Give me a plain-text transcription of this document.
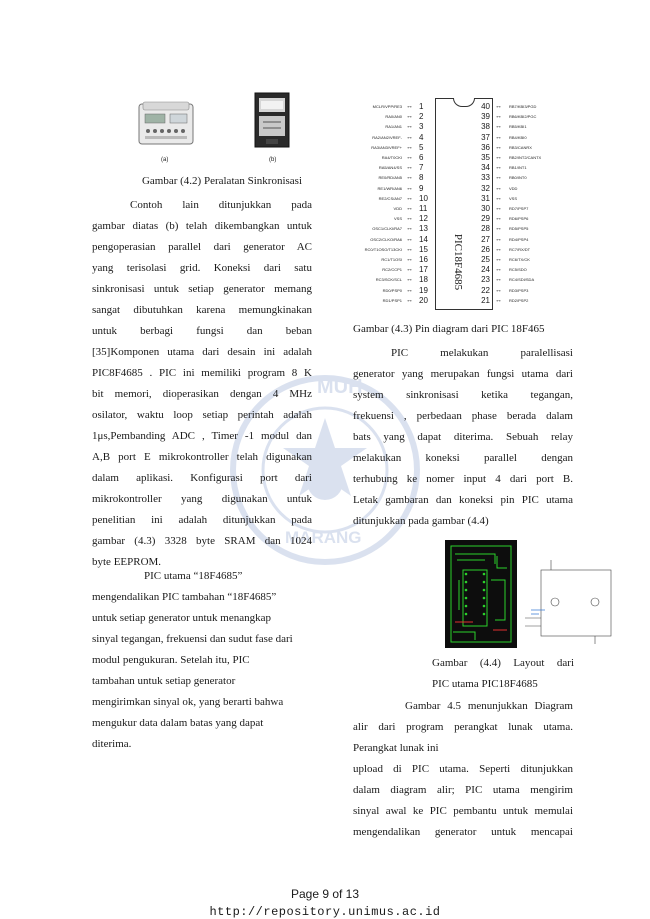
MUH
MARANG
(a)	(b)
Gambar (4.2) Peralatan Sinkronisasi
Contoh lain ditunjukkan pada
gambar diatas (b) telah dikembangkan untuk
pengoperasian parallel dari generator AC
yang terisolasi grid. Koneksi dari satu
sinkronisasi untuk setiap generator memang
sangat dibutuhkan karena memungkinakan
untuk berbagi fungsi dan beban
[35]Komponen utama dari desain ini adalah
PIC8F4685 . PIC ini memiliki program 8 K
bit memori, dioperasikan dengan 4 MHz
osilator, waktu loop setiap perintah adalah
1μs,Pembanding ADC , Timer -1 modul dan
A,B port E mikrokontroller telah digunakan
dalam aplikasi. Konfigurasi port dari
mikrokontroller yang digunakan untuk
penelitian ini adalah ditunjukkan pada
gambar (4.3) 3328 byte SRAM dan 1024
byte EEPROM.
PIC utama “18F4685”
mengendalikan PIC tambahan “18F4685”
untuk setiap generator untuk menangkap
sinyal tegangan, frekuensi dan sudut fase dari
modul pengukuran. Setelah itu, PIC
tambahan untuk setiap generator
mengirimkan sinyal ok, yang berarti bahwa
mengukur data dalam batas yang dapat
diterima.
PIC18F4685
MCLR/VPP/RE3 ↔ 1
RA0/AN0 ↔ 2
RA1/AN1 ↔ 3
RA2/AN2/VREF- ↔ 4
RA3/AN3/VREF+ ↔ 5
RA4/T0CKI ↔ 6
RA5/AN4/SS ↔ 7
RE0/RD/AN5 ↔ 8
RE1/WR/AN6 ↔ 9
RE2/CS/AN7 ↔ 10
VDD ↔ 11
VSS ↔ 12
OSC1/CLKI/RA7 ↔ 13
OSC2/CLKO/RA6 ↔ 14
RC0/T1OSO/T13CKI ↔ 15
RC1/T1OSI ↔ 16
RC2/CCP1 ↔ 17
RC3/SCK/SCL ↔ 18
RD0/PSP0 ↔ 19
RD1/PSP1 ↔ 20
40 ↔ RB7/KBI3/PGD
39 ↔ RB6/KBI2/PGC
38 ↔ RB5/KBI1
37 ↔ RB4/KBI0
36 ↔ RB3/CANRX
35 ↔ RB2/INT2/CANTX
34 ↔ RB1/INT1
33 ↔ RB0/INT0
32 ↔ VDD
31 ↔ VSS
30 ↔ RD7/PSP7
29 ↔ RD6/PSP6
28 ↔ RD5/PSP5
27 ↔ RD4/PSP4
26 ↔ RC7/RX/DT
25 ↔ RC6/TX/CK
24 ↔ RC5/SDO
23 ↔ RC4/SDI/SDA
22 ↔ RD3/PSP3
21 ↔ RD2/PSP2
Gambar (4.3) Pin diagram dari PIC 18F465
PIC melakukan paralellisasi
generator yang merupakan fungsi utama dari
system sinkronisasi ketika tegangan,
frekuensi , perbedaan phase berada dalam
bats yang dapat diterima. Sebuah relay
melakukan koneksi parallel dengan
terhubung ke nomer input 4 dari port B.
Letak gambaran dan koneksi pin PIC utama
ditunjukkan pada gambar (4.4)
Gambar (4.4) Layout dari
PIC utama PIC18F4685
Gambar 4.5 menunjukkan Diagram
alir dari program perangkat lunak utama.
Perangkat lunak ini
upload di PIC utama. Seperti ditunjukkan
dalam diagram alir; PIC utama mengirim
sinyal awal ke PIC pembantu untuk memulai
mengendalikan generator untuk mencapai
Page 9 of 13
http://repository.unimus.ac.id
